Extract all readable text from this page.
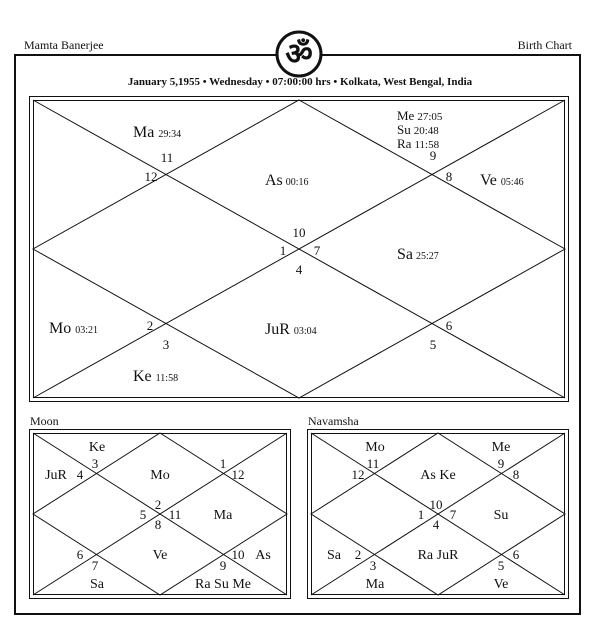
Mamta Banerjee	Birth Chart
ॐ
January 5,1955 • Wednesday • 07:00:00 hrs • Kolkata, West Bengal, India
10
11
12
1
2
3
4
5
6
7
8
9
As 00:16
Ma 29:34
Me 27:05
Su 20:48
Ra 11:58
Ve 05:46
Sa 25:27
Mo 03:21	JuR 03:04
Ke 11:58
Moon
2
3
4
5
6
7
8
9
10
11
12
1
Ke
JuR	Mo
Ma
Ve	As
Sa	Ra Su Me
Navamsha
10
11
12
1
2
3
4
5
6
7
8
9
Mo	Me
As Ke
Su
Ra JuR
Sa
Ma	Ve
